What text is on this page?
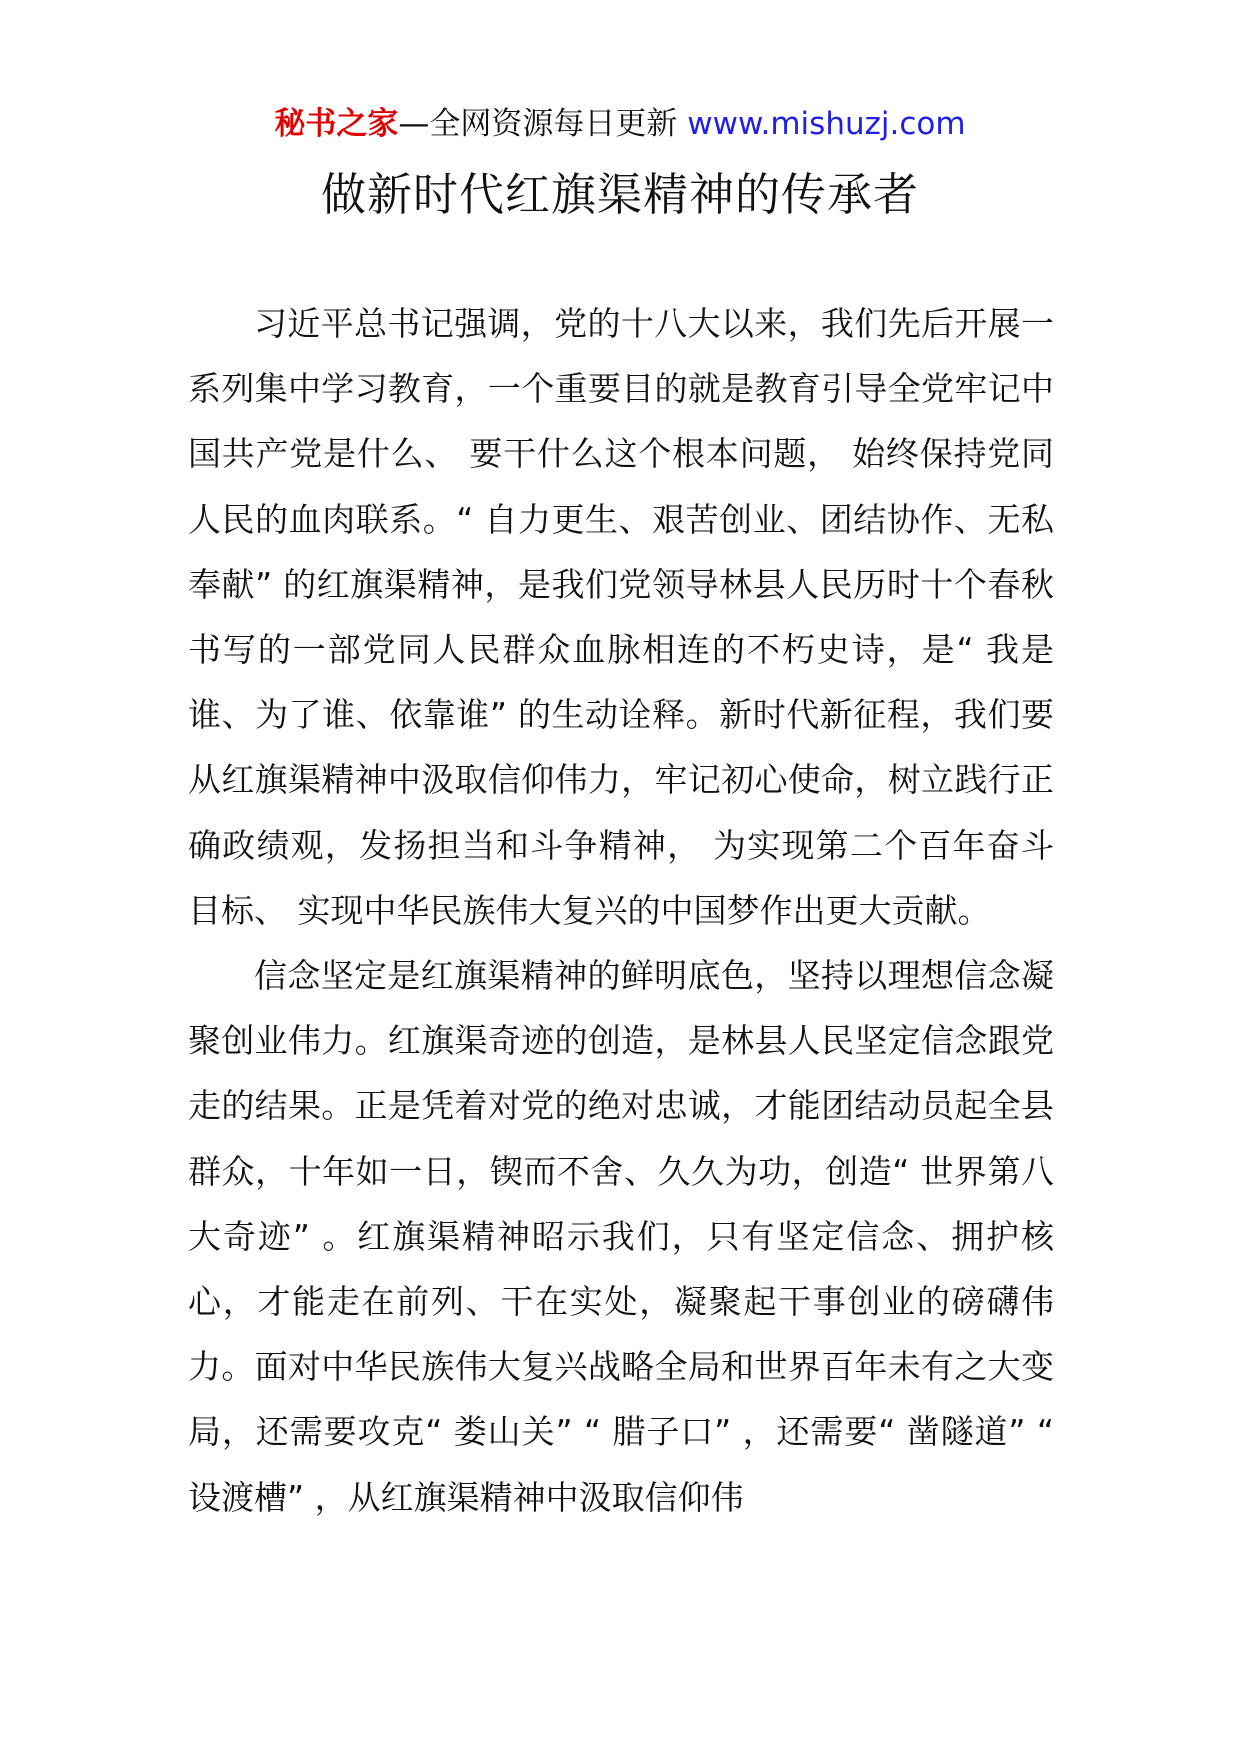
秘书之家—全网资源每日更新 www.mishuzj.com
做新时代红旗渠精神的传承者

习近平总书记强调，党的十八大以来，我们先后开展一系列集中学习教育，一个重要目的就是教育引导全党牢记中国共产党是什么、 要干什么这个根本问题， 始终保持党同人民的血肉联系。“ 自力更生、艰苦创业、团结协作、无私奉献” 的红旗渠精神，是我们党领导林县人民历时十个春秋书写的一部党同人民群众血脉相连的不朽史诗，是“ 我是谁、为了谁、依靠谁” 的生动诠释。新时代新征程，我们要从红旗渠精神中汲取信仰伟力，牢记初心使命，树立践行正确政绩观，发扬担当和斗争精神， 为实现第二个百年奋斗目标、 实现中华民族伟大复兴的中国梦作出更大贡献。

信念坚定是红旗渠精神的鲜明底色，坚持以理想信念凝聚创业伟力。红旗渠奇迹的创造，是林县人民坚定信念跟党走的结果。正是凭着对党的绝对忠诚，才能团结动员起全县群众，十年如一日，锲而不舍、久久为功，创造“ 世界第八大奇迹” 。红旗渠精神昭示我们，只有坚定信念、拥护核心，才能走在前列、干在实处，凝聚起干事创业的磅礴伟力。面对中华民族伟大复兴战略全局和世界百年未有之大变局，还需要攻克“ 娄山关” “ 腊子口” ，还需要“ 凿隧道” “ 设渡槽” ，从红旗渠精神中汲取信仰伟
